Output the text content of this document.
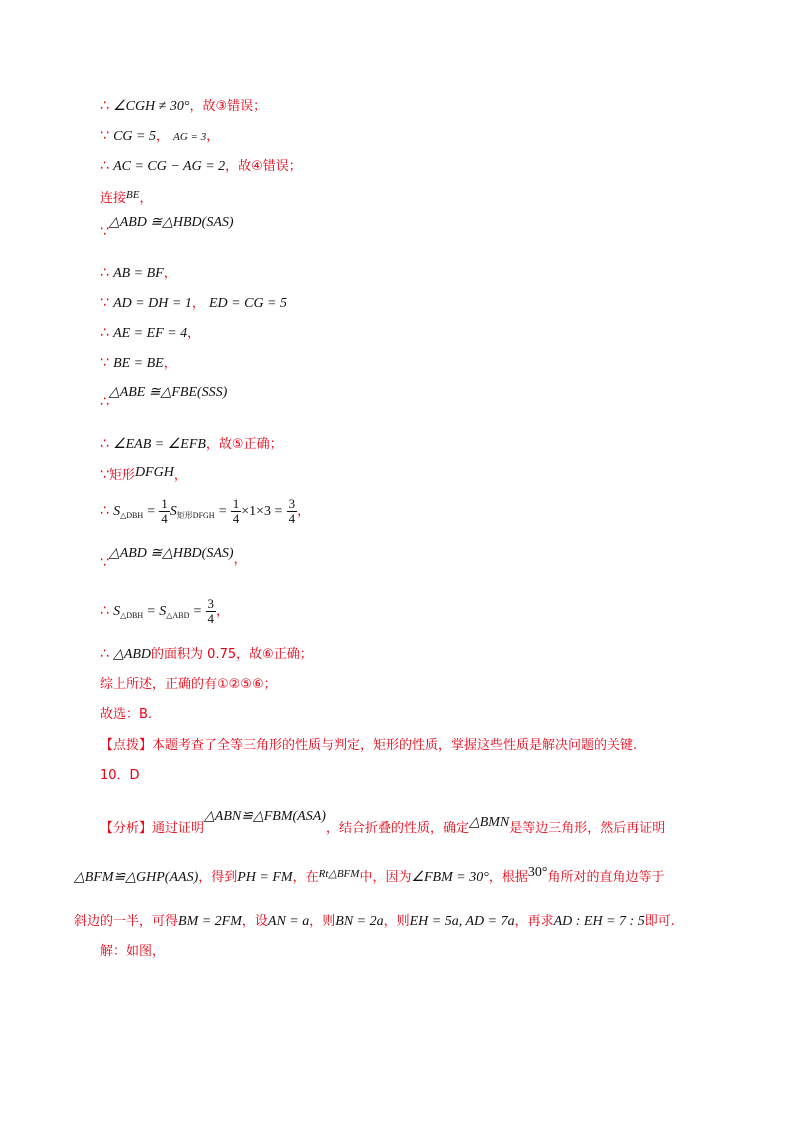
∴ ∠CGH ≠ 30°，故③错误；
∵ CG = 5， AG = 3，
∴ AC = CG − AG = 2，故④错误；
连接$^{BE}$，
∵△ABD ≅△HBD(SAS)
∴ AB = BF，
∵ AD = DH = 1， ED = CG = 5
∴ AE = EF = 4，
∵ BE = BE，
∴△ABE ≅△FBE(SSS)
∴ ∠EAB = ∠EFB，故⑤正确；
∵矩形DFGH，
∴ $S_{\triangle DBH} = \frac{1}{4} S_{矩形DFGH} = \frac{1}{4} \times 1\times 3 = \frac{3}{4}$ ，
∵△ABD ≅△HBD(SAS)，
∴ $S_{\triangle DBH} = S_{\triangle ABD} = \frac{3}{4}$ ，
∴ △ABD的面积为 0.75，故⑥正确；
综上所述，正确的有①②⑤⑥；
故选：B.
【点拨】本题考查了全等三角形的性质与判定，矩形的性质，掌握这些性质是解决问题的关键.
10．D
【分析】通过证明△ABN≌△FBM(ASA)，结合折叠的性质，确定△BMN是等边三角形，然后再证明
△BFM≌△GHP(AAS)，得到PH = FM，在$^{Rt\triangle BFM}$中，因为∠FBM = 30°，根据30°角所对的直角边等于
斜边的一半，可得BM = 2FM，设AN = a，则BN = 2a，则EH = 5a, AD = 7a，再求AD : EH = 7 : 5即可.
解：如图，
